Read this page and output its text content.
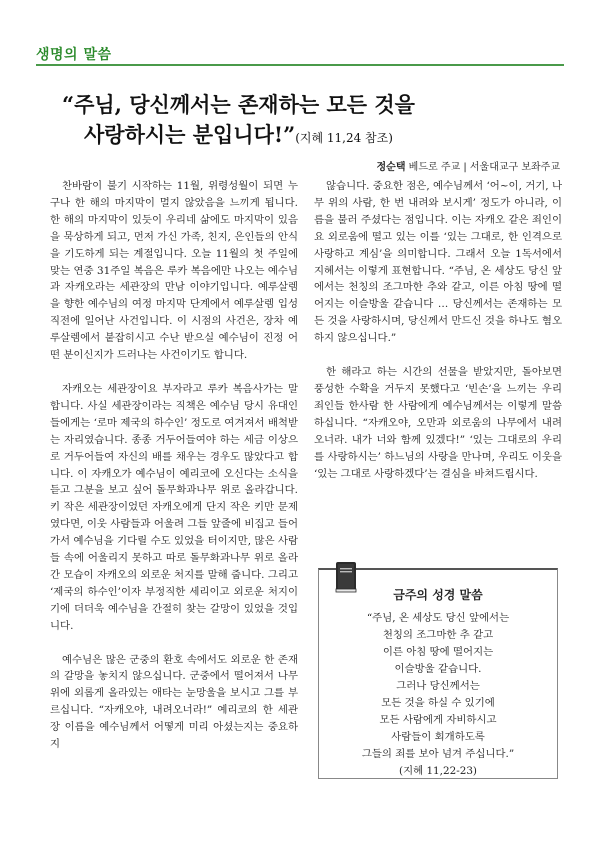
생명의 말씀
“주님, 당신께서는 존재하는 모든 것을
사랑하시는 분입니다!”(지혜 11,24 참조)
정순택 베드로 주교 | 서울대교구 보좌주교

찬바람이 불기 시작하는 11월, 위령성월이 되면 누구나 한 해의 마지막이 멀지 않았음을 느끼게 됩니다. 한 해의 마지막이 있듯이 우리네 삶에도 마지막이 있음을 묵상하게 되고, 먼저 가신 가족, 친지, 은인들의 안식을 기도하게 되는 계절입니다. 오늘 11월의 첫 주일에 맞는 연중 31주일 복음은 루카 복음에만 나오는 예수님과 자캐오라는 세관장의 만남 이야기입니다. 예루살렘을 향한 예수님의 여정 마지막 단계에서 예루살렘 입성 직전에 일어난 사건입니다. 이 시점의 사건은, 장차 예루살렘에서 붙잡히시고 수난 받으실 예수님이 진정 어떤 분이신지가 드러나는 사건이기도 합니다.

자캐오는 세관장이요 부자라고 루카 복음사가는 말합니다. 사실 세관장이라는 직책은 예수님 당시 유대인들에게는 ‘로마 제국의 하수인’ 정도로 여겨져서 배척받는 자리였습니다. 종종 거두어들여야 하는 세금 이상으로 거두어들여 자신의 배를 채우는 경우도 많았다고 합니다. 이 자캐오가 예수님이 예리코에 오신다는 소식을 듣고 그분을 보고 싶어 돌무화과나무 위로 올라갑니다. 키 작은 세관장이었던 자캐오에게 단지 작은 키만 문제였다면, 이웃 사람들과 어울려 그들 앞줄에 비집고 들어가서 예수님을 기다릴 수도 있었을 터이지만, 많은 사람들 속에 어울리지 못하고 따로 돌무화과나무 위로 올라간 모습이 자캐오의 외로운 처지를 말해 줍니다. 그리고 ‘제국의 하수인’이자 부정직한 세리이고 외로운 처지이기에 더더욱 예수님을 간절히 찾는 갈망이 있었을 것입니다.

예수님은 많은 군중의 환호 속에서도 외로운 한 존재의 갈망을 놓치지 않으십니다. 군중에서 떨어져서 나무 위에 외롭게 올라있는 애타는 눈망울을 보시고 그를 부르십니다. “자캐오야, 내려오너라!” 예리코의 한 세관장 이름을 예수님께서 어떻게 미리 아셨는지는 중요하지

않습니다. 중요한 점은, 예수님께서 ‘어~이, 거기, 나무 위의 사람, 한 번 내려와 보시게’ 정도가 아니라, 이름을 불러 주셨다는 점입니다. 이는 자캐오 같은 죄인이요 외로움에 떨고 있는 이를 ‘있는 그대로, 한 인격으로 사랑하고 계심’을 의미합니다. 그래서 오늘 1독서에서 지혜서는 이렇게 표현합니다. “주님, 온 세상도 당신 앞에서는 천칭의 조그마한 추와 같고, 이른 아침 땅에 떨어지는 이슬방울 같습니다 … 당신께서는 존재하는 모든 것을 사랑하시며, 당신께서 만드신 것을 하나도 혐오하지 않으십니다.”

한 해라고 하는 시간의 선물을 받았지만, 돌아보면 풍성한 수확을 거두지 못했다고 ‘빈손’을 느끼는 우리 죄인들 한사람 한 사람에게 예수님께서는 이렇게 말씀하십니다. “자캐오야, 오만과 외로움의 나무에서 내려오너라. 내가 너와 함께 있겠다!” ‘있는 그대로의 우리를 사랑하시는’ 하느님의 사랑을 만나며, 우리도 이웃을 ‘있는 그대로 사랑하겠다’는 결심을 바쳐드립시다.

금주의 성경 말씀
“주님, 온 세상도 당신 앞에서는
천칭의 조그마한 추 같고
이른 아침 땅에 떨어지는
이슬방울 같습니다.
그러나 당신께서는
모든 것을 하실 수 있기에
모든 사람에게 자비하시고
사람들이 회개하도록
그들의 죄를 보아 넘겨 주십니다.”
(지혜 11,22-23)
